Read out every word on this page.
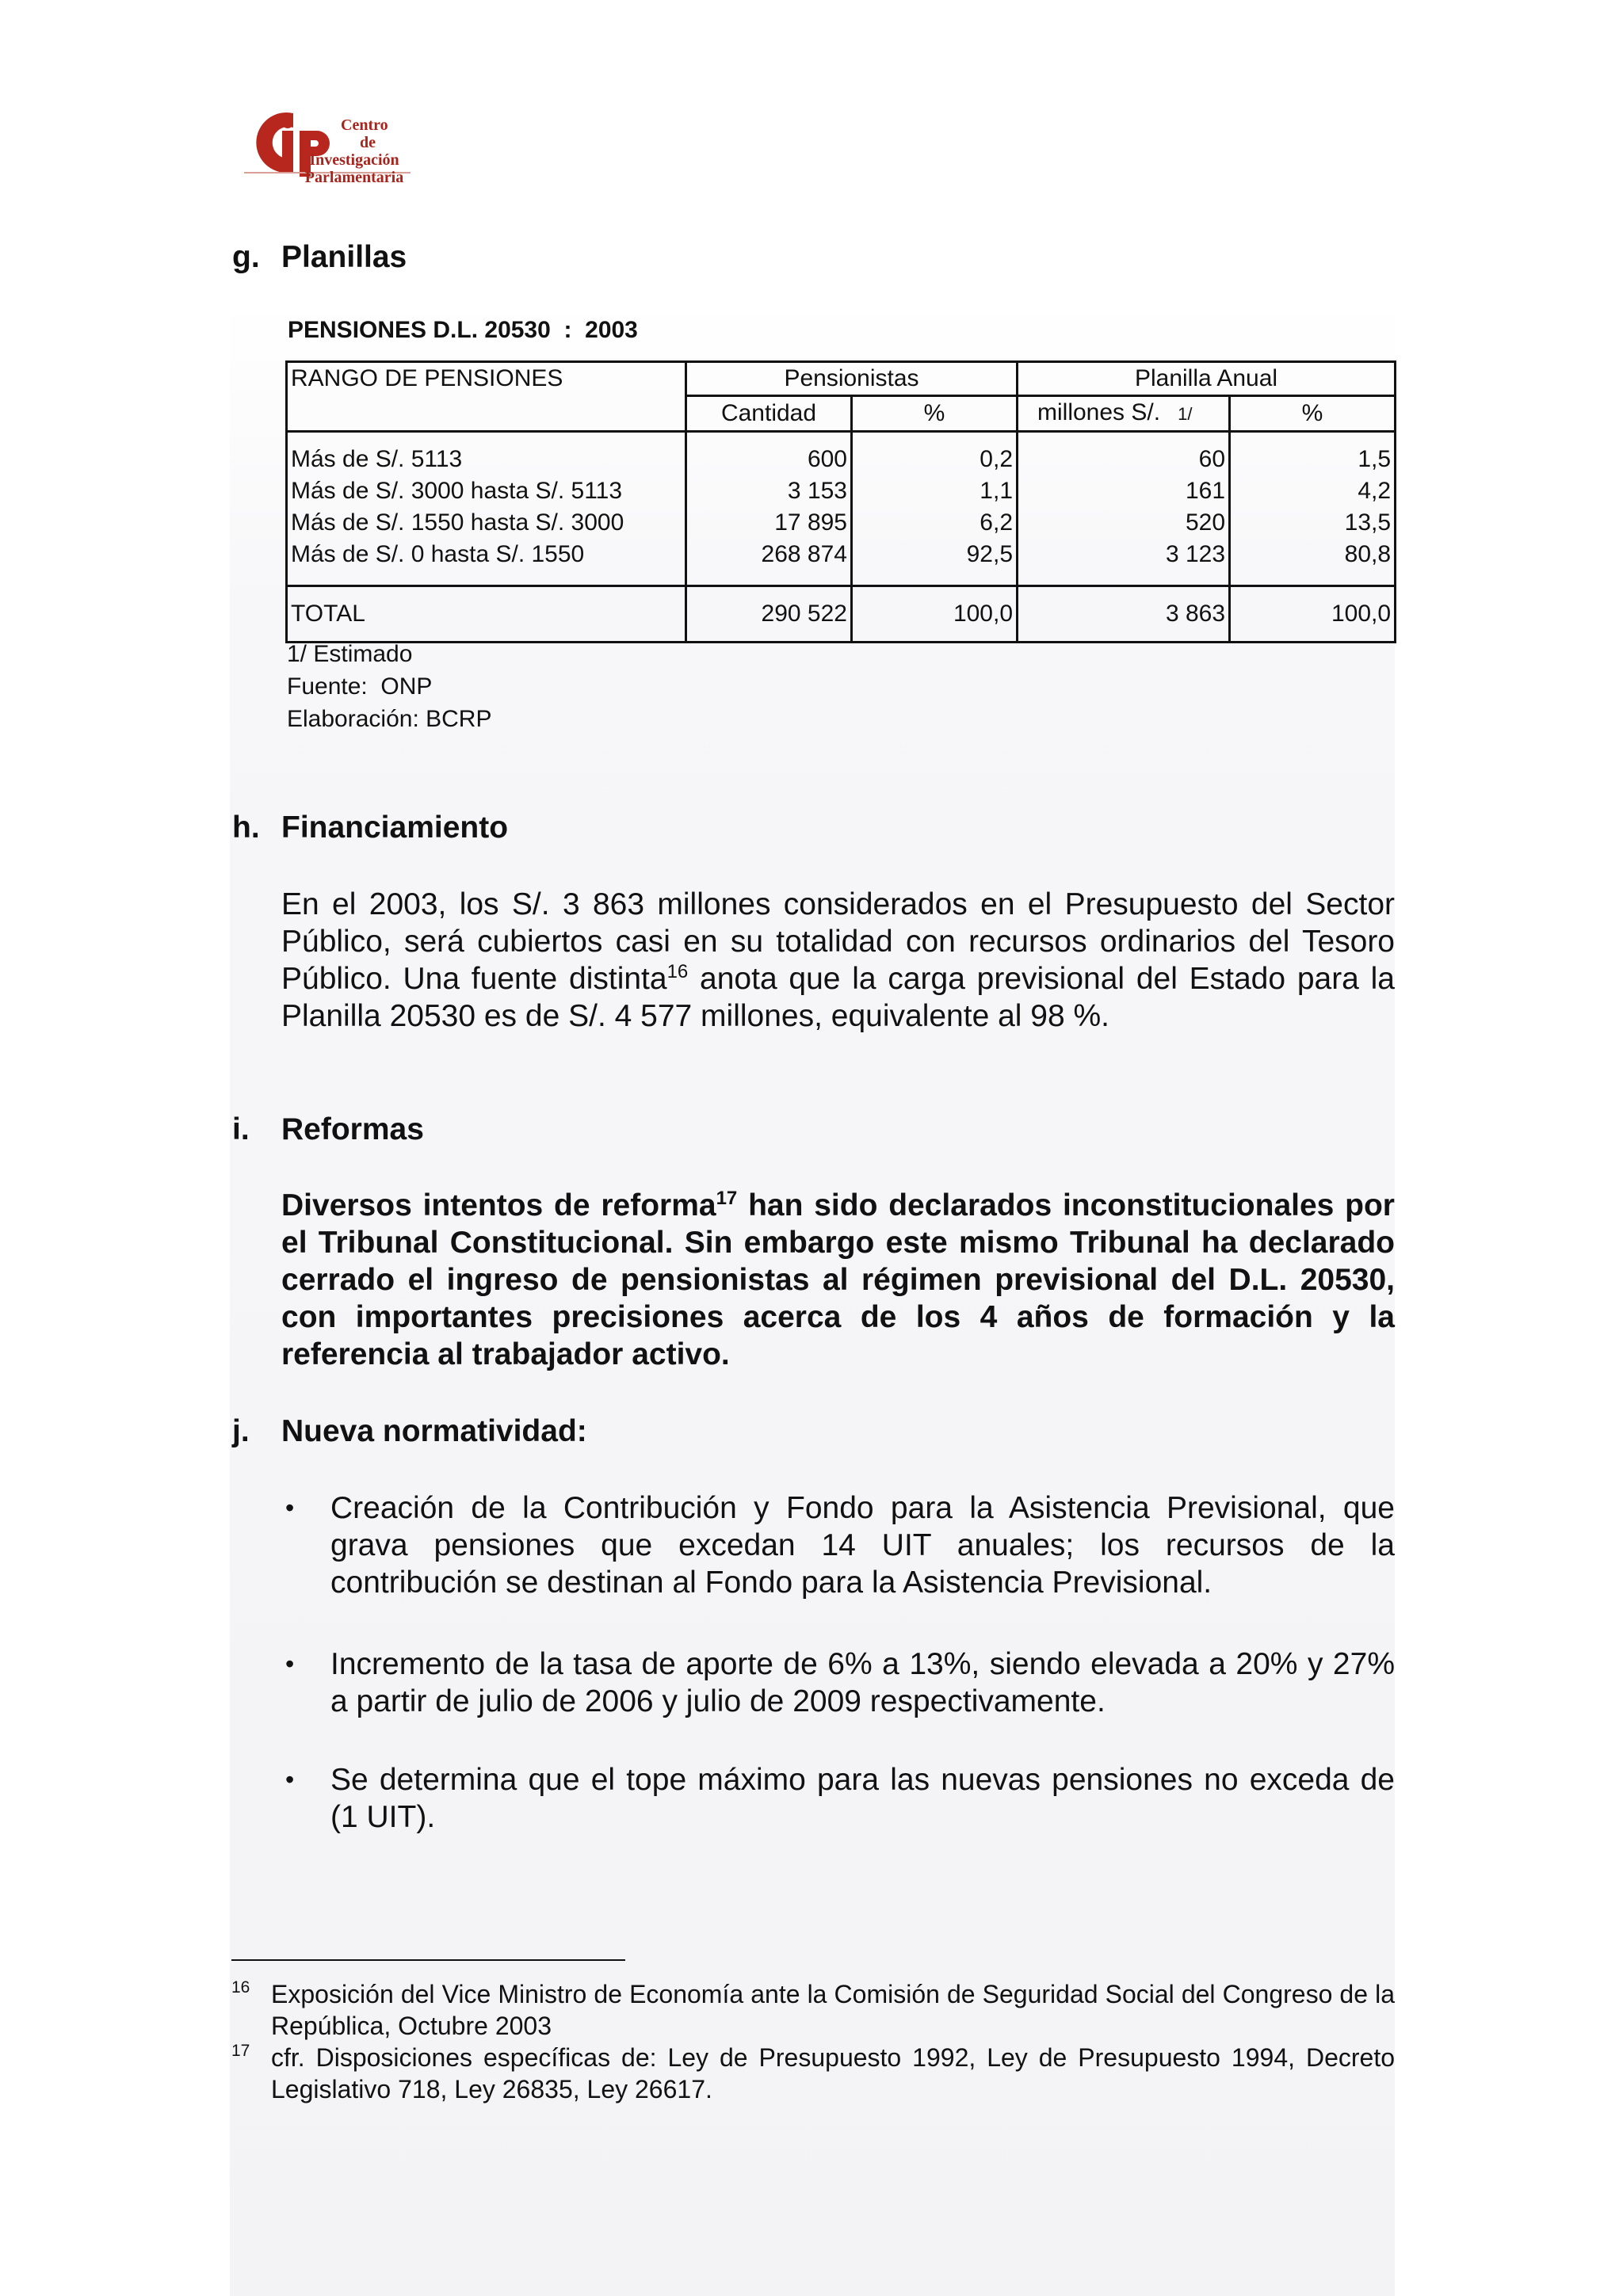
Centro
de
Investigación
Parlamentaria
g. Planillas
PENSIONES D.L. 20530  :  2003
RANGO DE PENSIONES	Pensionistas		Planilla Anual	
	Cantidad	%	millones S/. 1/	%

Más de S/. 5113	600	0,2	60	1,5
Más de S/. 3000 hasta S/. 5113	3 153	1,1	161	4,2
Más de S/. 1550 hasta S/. 3000	17 895	6,2	520	13,5
Más de S/. 0 hasta S/. 1550	268 874	92,5	3 123	80,8

TOTAL	290 522	100,0	3 863	100,0
1/ Estimado
Fuente:  ONP
Elaboración: BCRP
h. Financiamiento
En el 2003, los S/. 3 863 millones considerados en el Presupuesto del Sector Público, será cubiertos casi en su totalidad con recursos ordinarios del Tesoro Público. Una fuente distinta$^{16}$ anota que la carga previsional del Estado para la Planilla 20530 es de S/. 4 577 millones, equivalente al 98 %.
i. Reformas
Diversos intentos de reforma$^{17}$ han sido declarados inconstitucionales por el Tribunal Constitucional. Sin embargo este mismo Tribunal ha declarado cerrado el ingreso de pensionistas al régimen previsional del D.L. 20530, con importantes precisiones acerca de los 4 años de formación y la referencia al trabajador activo.
j. Nueva normatividad:
• Creación de la Contribución y Fondo para la Asistencia Previsional, que grava pensiones que excedan 14 UIT anuales; los recursos de la contribución se destinan al Fondo para la Asistencia Previsional.
• Incremento de la tasa de aporte de 6% a 13%, siendo elevada a 20% y 27% a partir de julio de 2006 y julio de 2009 respectivamente.
• Se determina que el tope máximo para las nuevas pensiones no exceda de (1 UIT).
16 Exposición del Vice Ministro de Economía ante la Comisión de Seguridad Social del Congreso de la República, Octubre 2003
17 cfr. Disposiciones específicas de: Ley de Presupuesto 1992, Ley de Presupuesto 1994, Decreto Legislativo 718, Ley 26835, Ley 26617.
